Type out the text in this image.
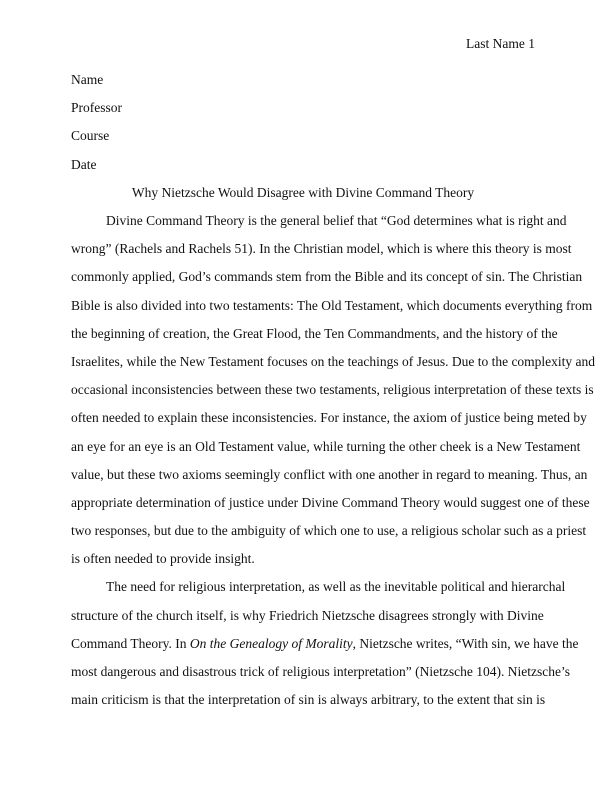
Last Name 1
Name
Professor
Course
Date
Why Nietzsche Would Disagree with Divine Command Theory
Divine Command Theory is the general belief that “God determines what is right and
wrong” (Rachels and Rachels 51). In the Christian model, which is where this theory is most
commonly applied, God’s commands stem from the Bible and its concept of sin. The Christian
Bible is also divided into two testaments: The Old Testament, which documents everything from
the beginning of creation, the Great Flood, the Ten Commandments, and the history of the
Israelites, while the New Testament focuses on the teachings of Jesus. Due to the complexity and
occasional inconsistencies between these two testaments, religious interpretation of these texts is
often needed to explain these inconsistencies. For instance, the axiom of justice being meted by
an eye for an eye is an Old Testament value, while turning the other cheek is a New Testament
value, but these two axioms seemingly conflict with one another in regard to meaning. Thus, an
appropriate determination of justice under Divine Command Theory would suggest one of these
two responses, but due to the ambiguity of which one to use, a religious scholar such as a priest
is often needed to provide insight.
The need for religious interpretation, as well as the inevitable political and hierarchal
structure of the church itself, is why Friedrich Nietzsche disagrees strongly with Divine
Command Theory. In On the Genealogy of Morality, Nietzsche writes, “With sin, we have the
most dangerous and disastrous trick of religious interpretation” (Nietzsche 104). Nietzsche’s
main criticism is that the interpretation of sin is always arbitrary, to the extent that sin is
